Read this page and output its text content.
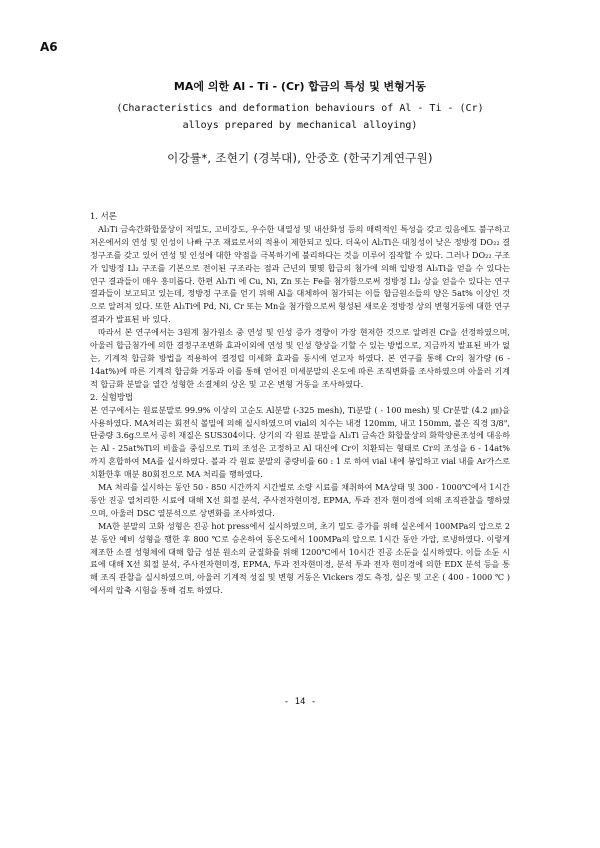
A6
MA에 의한 Al - Ti - (Cr) 합금의 특성 및 변형거동
(Characteristics and deformation behaviours of Al - Ti - (Cr)
alloys prepared by mechanical alloying)
이강률*, 조현기 (경북대), 안중호 (한국기계연구원)

1. 서론

Al₃Ti 금속간화합물상이 저밀도, 고비강도, 우수한 내열성 및 내산화성 등의 매력적인 특성을 갖고 있음에도 불구하고 저온에서의 연성 및 인성이 나빠 구조 재료로서의 적용이 제한되고 있다. 더욱이 Al₃Ti은 대칭성이 낮은 정방정 DO₂₂ 결정구조를 갖고 있어 연성 및 인성에 대한 약점을 극복하기에 불리하다는 것을 미루어 짐작할 수 있다. 그러나 DO₂₂ 구조가 입방정 Ll₂ 구조를 기본으로 전이된 구조라는 점과 근년의 몇몇 합금의 첨가에 의해 입방정 Al₃Ti을 얻을 수 있다는 연구 결과들이 매우 흥미롭다. 한편 Al₃Ti 에 Cu, Ni, Zn 또는 Fe를 첨가함으로써 정방정 Ll₂ 상을 얻을수 있다는 연구 결과들이 보고되고 있는데, 정방정 구조를 얻기 위해 Al을 대체하여 첨가되는 이들 합금원소들의 양은 5at% 이상인 것으로 알려져 있다. 또한 Al₃Ti에 Pd, Ni, Cr 또는 Mn을 첨가함으로써 형성된 새로운 정방정 상의 변형거동에 대한 연구결과가 발표된 바 있다.

따라서 본 연구에서는 3원계 첨가원소 중 연성 및 인성 증가 경향이 가장 현저한 것으로 알려진 Cr을 선정하였으며, 아울러 합금첨가에 의한 결정구조변화 효과이외에 연성 및 인성 향상을 기할 수 있는 방법으로, 지금까지 발표된 바가 없는, 기계적 합금화 방법을 적용하여 결정립 미세화 효과를 동시에 얻고자 하였다. 본 연구를 통해 Cr의 첨가량 (6 - 14at%)에 따른 기계적 합금화 거동과 이를 통해 얻어진 미세분말의 온도에 따른 조직변화를 조사하였으며 아울러 기계적 합금화 분말을 열간 성형한 소결체의 상온 및 고온 변형 거동을 조사하였다.

2. 실험방법

본 연구에서는 원료분말로 99.9% 이상의 고순도 Al분말 (-325 mesh), Ti분말 ( - 100 mesh) 및 Cr분말 (4.2 ㎛)을 사용하였다. MA처리는 회전식 볼밀에 의해 실시하였으며 vial의 치수는 내경 120mm, 내고 150mm, 볼은 직경 3/8", 단중량 3.6g으로서 공히 재질은 SUS304이다. 상기의 각 원료 분말을 Al₃Ti 금속간 화합물상의 화학양론조성에 대응하는 Al - 25at%Ti의 비율을 중심으로 Ti의 조성은 고정하고 Al 대신에 Cr이 치환되는 형태로 Cr의 조성을 6 - 14at%까지 혼합하여 MA를 실시하였다. 볼과 각 원료 분말의 중량비를 60 : 1 로 하여 vial 내에 봉입하고 vial 내를 Ar가스로 치환한후 매분 80회전으로 MA 처리를 행하였다.

MA 처리를 실시하는 동안 50 - 850 시간까지 시간별로 소량 시료를 채취하여 MA상태 및 300 - 1000℃에서 1시간 동안 진공 열처리한 시료에 대해 X선 회절 분석, 주사전자현미경, EPMA, 투과 전자 현미경에 의해 조직관찰을 행하였으며, 아울러 DSC 열분석으로 상변화를 조사하였다.

MA한 분말의 고화 성형은 진공 hot press에서 실시하였으며, 초기 밀도 증가를 위해 실온에서 100MPa의 압으로 2분 동안 예비 성형을 행한 후 800 ℃로 승온하여 동온도에서 100MPa의 압으로 1시간 동안 가압, 로냉하였다. 이렇게 제조한 소결 성형체에 대해 합금 성분 원소의 균질화를 위해 1200℃에서 10시간 진공 소둔을 실시하였다. 이들 소둔 시료에 대해 X선 회절 분석, 주사전자현미경, EPMA, 투과 전자현미경, 분석 투과 전자 현미경에 의한 EDX 분석 등을 통해 조직 관찰을 실시하였으며, 아울러 기계적 성질 및 변형 거동은 Vickers 경도 측정, 실온 및 고온 ( 400 - 1000 ℃ )에서의 압축 시험을 통해 검토 하였다.

- 14 -
